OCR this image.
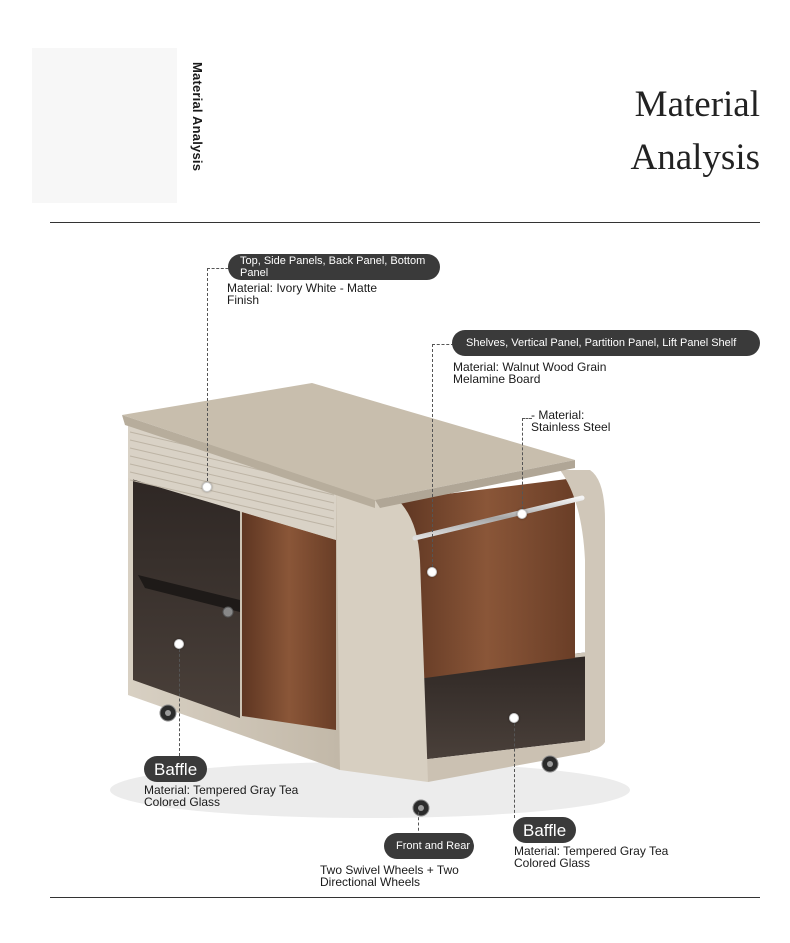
Material Analysis	Material
Analysis
Top, Side Panels, Back Panel, Bottom Panel
Material: Ivory White - Matte Finish
Shelves, Vertical Panel, Partition Panel, Lift Panel Shelf
Material: Walnut Wood Grain Melamine Board
- Material: Stainless Steel
Baffle
Material: Tempered Gray Tea Colored Glass
Front and Rear Wheels
Two Swivel Wheels + Two Directional Wheels
Baffle
Material: Tempered Gray Tea Colored Glass
